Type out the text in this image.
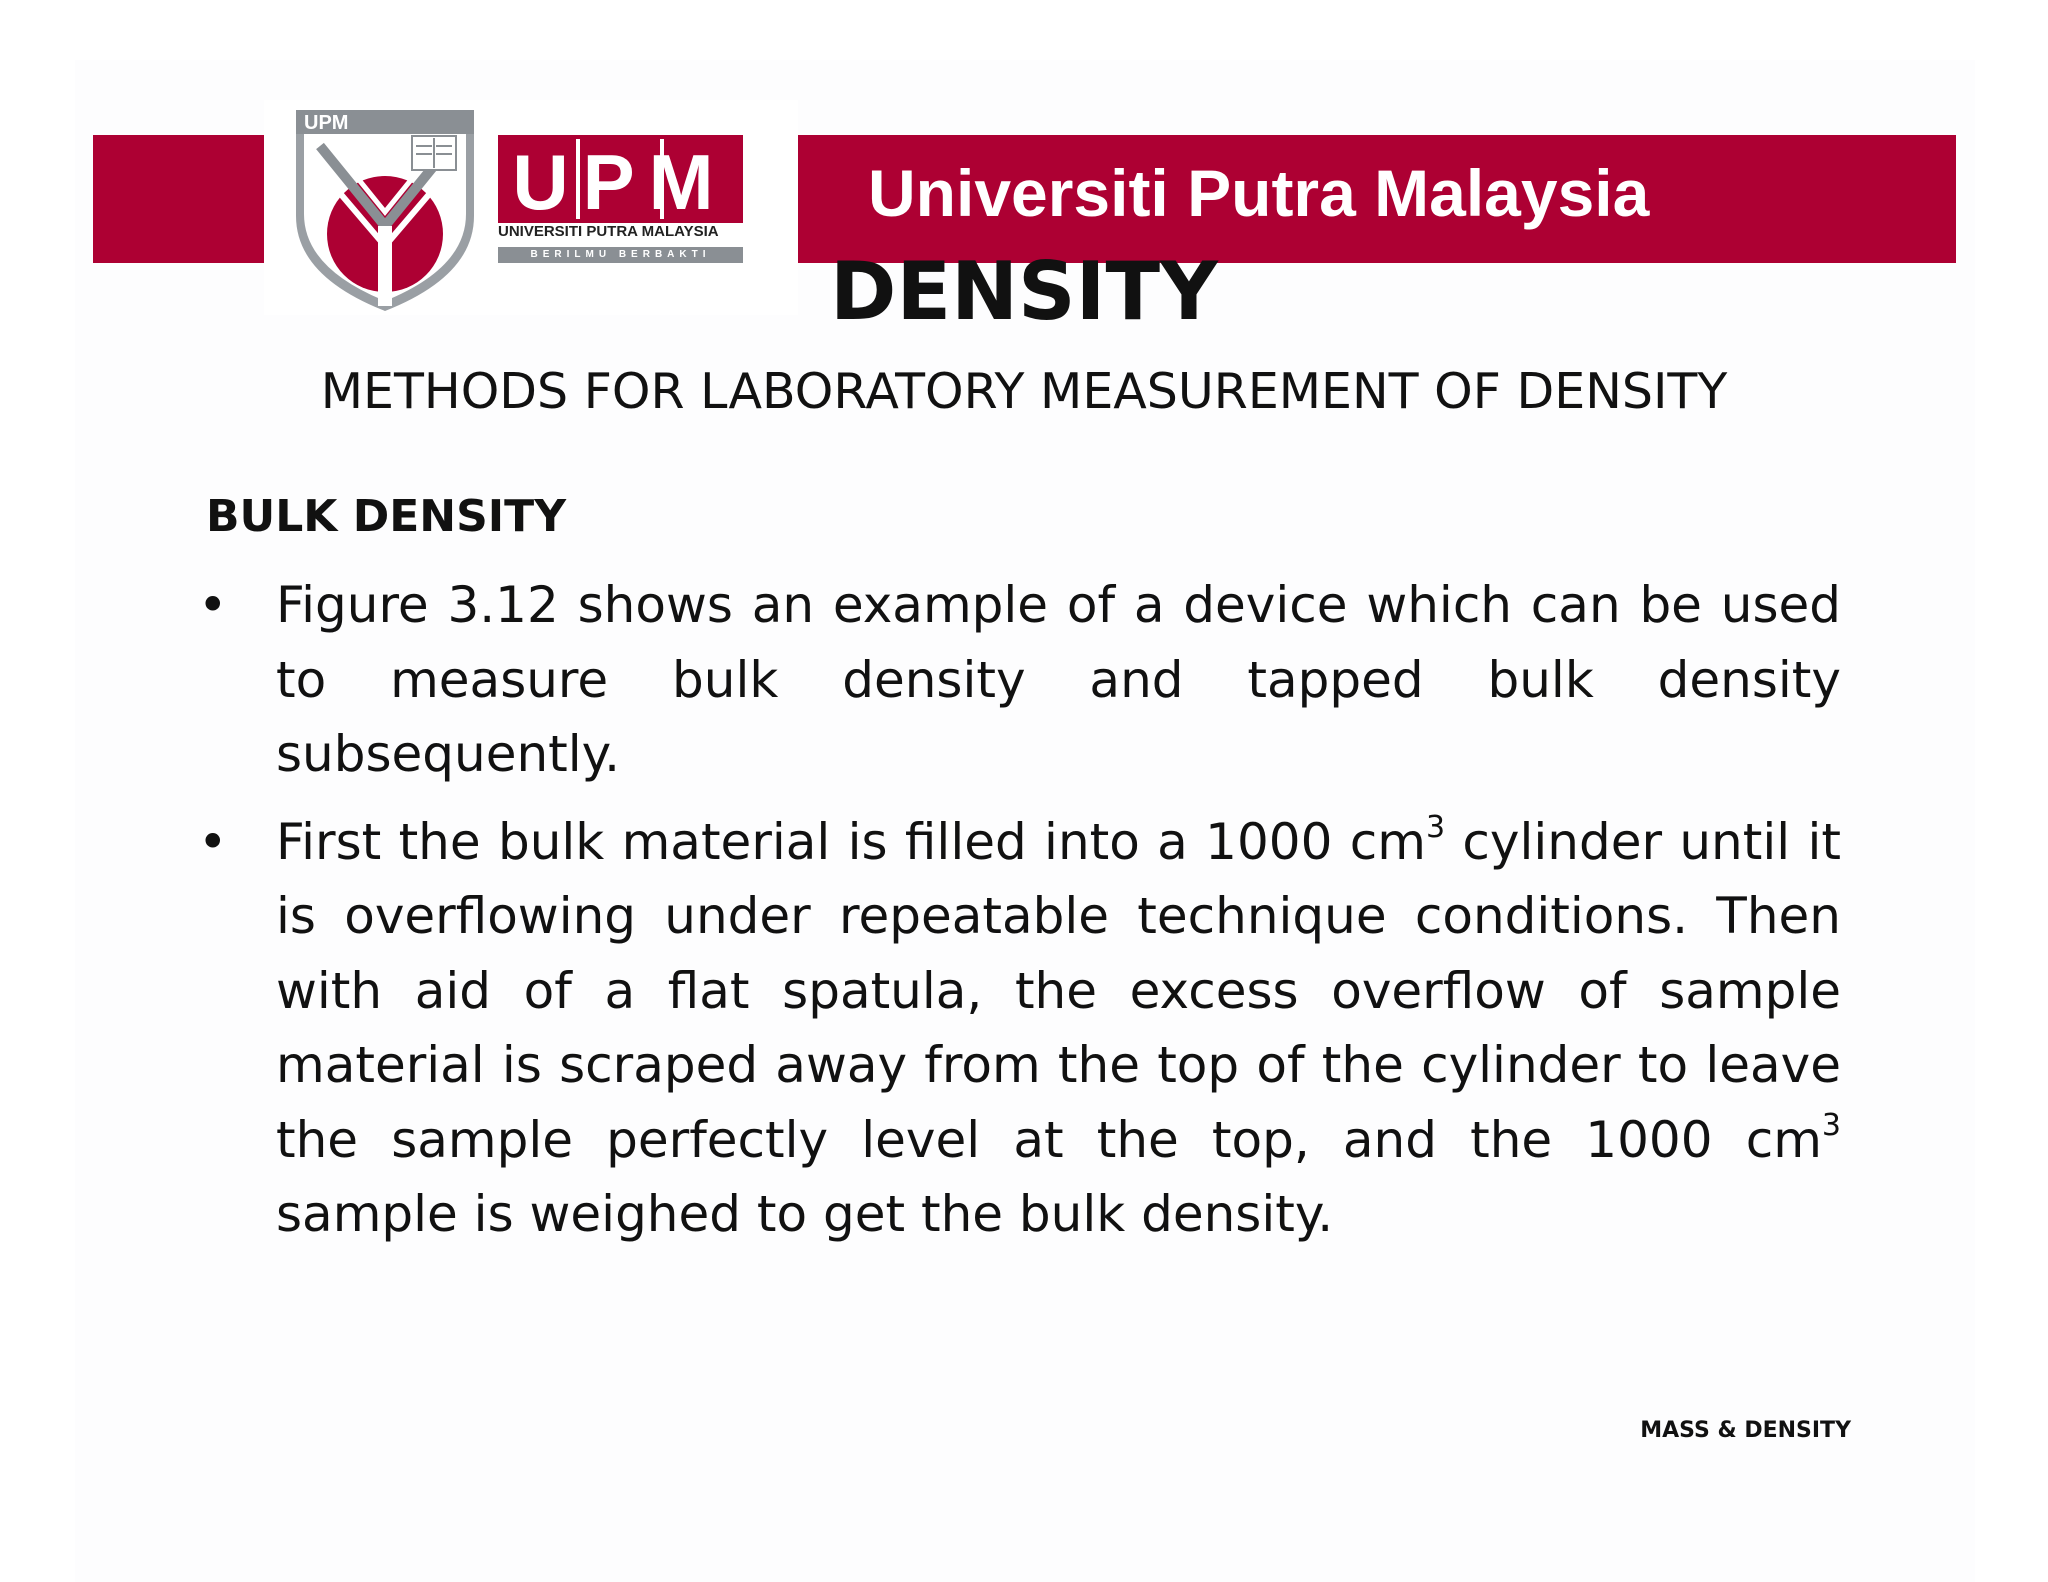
Universiti Putra Malaysia
UPM
UPM
UNIVERSITI PUTRA MALAYSIA
BERILMU BERBAKTI	DENSITY
METHODS FOR LABORATORY MEASUREMENT OF DENSITY
BULK DENSITY
• Figure 3.12 shows an example of a device which can be used to measure bulk density and tapped bulk density subsequently.
• First the bulk material is filled into a 1000 $cm^3$ cylinder until it is overflowing under repeatable technique conditions. Then with aid of a flat spatula, the excess overflow of sample material is scraped away from the top of the cylinder to leave the sample perfectly level at the top, and the 1000 $cm^3$ sample is weighed to get the bulk density.
MASS & DENSITY
